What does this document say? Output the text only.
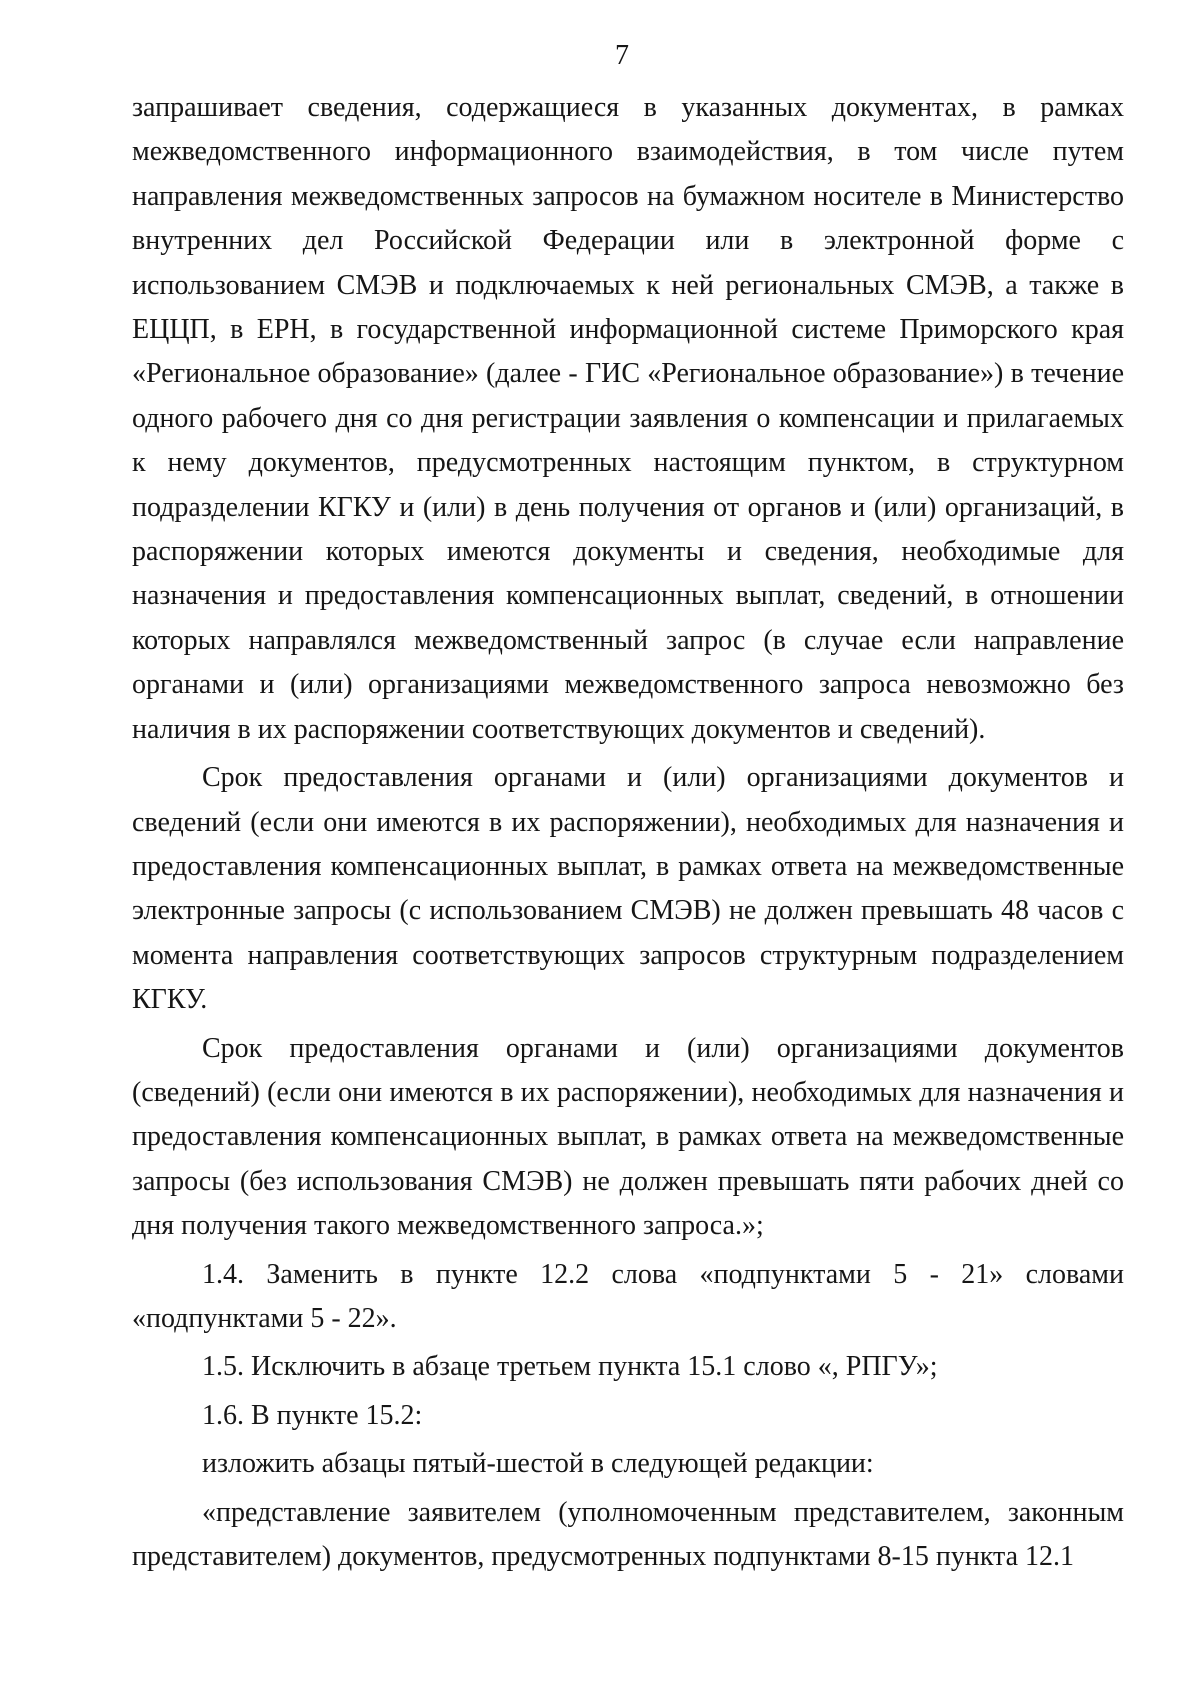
7

запрашивает сведения, содержащиеся в указанных документах, в рамках межведомственного информационного взаимодействия, в том числе путем направления межведомственных запросов на бумажном носителе в Министерство внутренних дел Российской Федерации или в электронной форме с использованием СМЭВ и подключаемых к ней региональных СМЭВ, а также в ЕЦЦП, в ЕРН, в государственной информационной системе Приморского края «Региональное образование» (далее - ГИС «Региональное образование») в течение одного рабочего дня со дня регистрации заявления о компенсации и прилагаемых к нему документов, предусмотренных настоящим пунктом, в структурном подразделении КГКУ и (или) в день получения от органов и (или) организаций, в распоряжении которых имеются документы и сведения, необходимые для назначения и предоставления компенсационных выплат, сведений, в отношении которых направлялся межведомственный запрос (в случае если направление органами и (или) организациями межведомственного запроса невозможно без наличия в их распоряжении соответствующих документов и сведений).

Срок предоставления органами и (или) организациями документов и сведений (если они имеются в их распоряжении), необходимых для назначения и предоставления компенсационных выплат, в рамках ответа на межведомственные электронные запросы (с использованием СМЭВ) не должен превышать 48 часов с момента направления соответствующих запросов структурным подразделением КГКУ.

Срок предоставления органами и (или) организациями документов (сведений) (если они имеются в их распоряжении), необходимых для назначения и предоставления компенсационных выплат, в рамках ответа на межведомственные запросы (без использования СМЭВ) не должен превышать пяти рабочих дней со дня получения такого межведомственного запроса.»;

1.4. Заменить в пункте 12.2 слова «подпунктами 5 - 21» словами «подпунктами 5 - 22».

1.5. Исключить в абзаце третьем пункта 15.1 слово «, РПГУ»;

1.6. В пункте 15.2:

изложить абзацы пятый-шестой в следующей редакции:

«представление заявителем (уполномоченным представителем, законным представителем) документов, предусмотренных подпунктами 8-15 пункта 12.1
